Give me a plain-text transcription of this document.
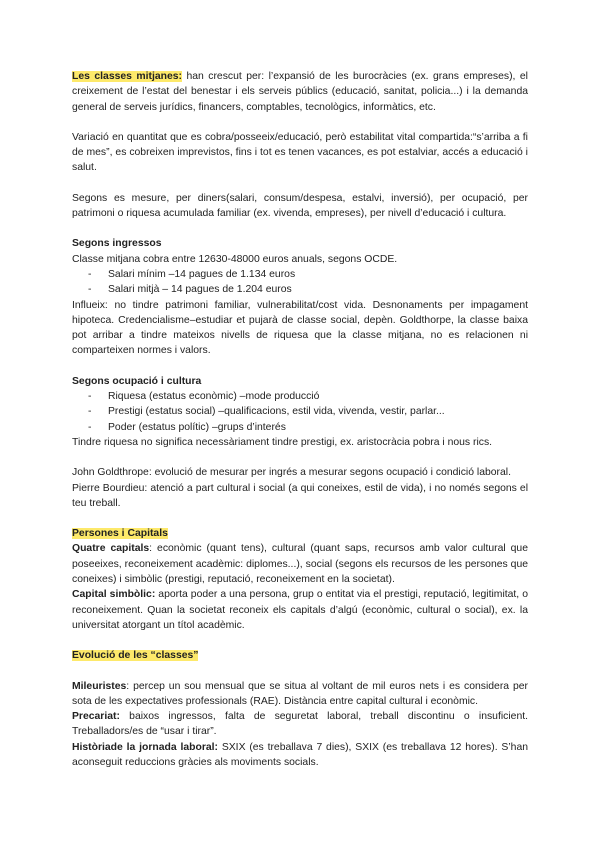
Les classes mitjanes: han crescut per: l’expansió de les burocràcies (ex. grans empreses), el creixement de l’estat del benestar i els serveis públics (educació, sanitat, policia...) i la demanda general de serveis jurídics, financers, comptables, tecnològics, informàtics, etc.

Variació en quantitat que es cobra/posseeix/educació, però estabilitat vital compartida:“s’arriba a fi de mes”, es cobreixen imprevistos, fins i tot es tenen vacances, es pot estalviar, accés a educació i salut.

Segons es mesure, per diners(salari, consum/despesa, estalvi, inversió), per ocupació, per patrimoni o riquesa acumulada familiar (ex. vivenda, empreses), per nivell d’educació i cultura.

Segons ingressos

Classe mitjana cobra entre 12630-48000 euros anuals, segons OCDE.

- Salari mínim –14 pagues de 1.134 euros
- Salari mitjà – 14 pagues de 1.204 euros

Influeix: no tindre patrimoni familiar, vulnerabilitat/cost vida. Desnonaments per impagament hipoteca. Credencialisme–estudiar et pujarà de classe social, depèn. Goldthorpe, la classe baixa pot arribar a tindre mateixos nivells de riquesa que la classe mitjana, no es relacionen ni comparteixen normes i valors.

Segons ocupació i cultura

- Riquesa (estatus econòmic) –mode producció
- Prestigi (estatus social) –qualificacions, estil vida, vivenda, vestir, parlar...
- Poder (estatus polític) –grups d’interés

Tindre riquesa no significa necessàriament tindre prestigi, ex. aristocràcia pobra i nous rics.

John Goldthrope: evolució de mesurar per ingrés a mesurar segons ocupació i condició laboral.

Pierre Bourdieu: atenció a part cultural i social (a qui coneixes, estil de vida), i no només segons el teu treball.

Persones i Capitals

Quatre capitals: econòmic (quant tens), cultural (quant saps, recursos amb valor cultural que poseeixes, reconeixement acadèmic: diplomes...), social (segons els recursos de les persones que coneixes) i simbòlic (prestigi, reputació, reconeixement en la societat).

Capital simbòlic: aporta poder a una persona, grup o entitat via el prestigi, reputació, legitimitat, o reconeixement. Quan la societat reconeix els capitals d’algú (econòmic, cultural o social), ex. la universitat atorgant un títol acadèmic.

Evolució de les “classes”

Mileuristes: percep un sou mensual que se situa al voltant de mil euros nets i es considera per sota de les expectatives professionals (RAE). Distància entre capital cultural i econòmic.

Precariat: baixos ingressos, falta de seguretat laboral, treball discontinu o insuficient. Treballadors/es de “usar i tirar”.

Històriade la jornada laboral: SXIX (es treballava 7 dies), SXIX (es treballava 12 hores). S’han aconseguit reduccions gràcies als moviments socials.
